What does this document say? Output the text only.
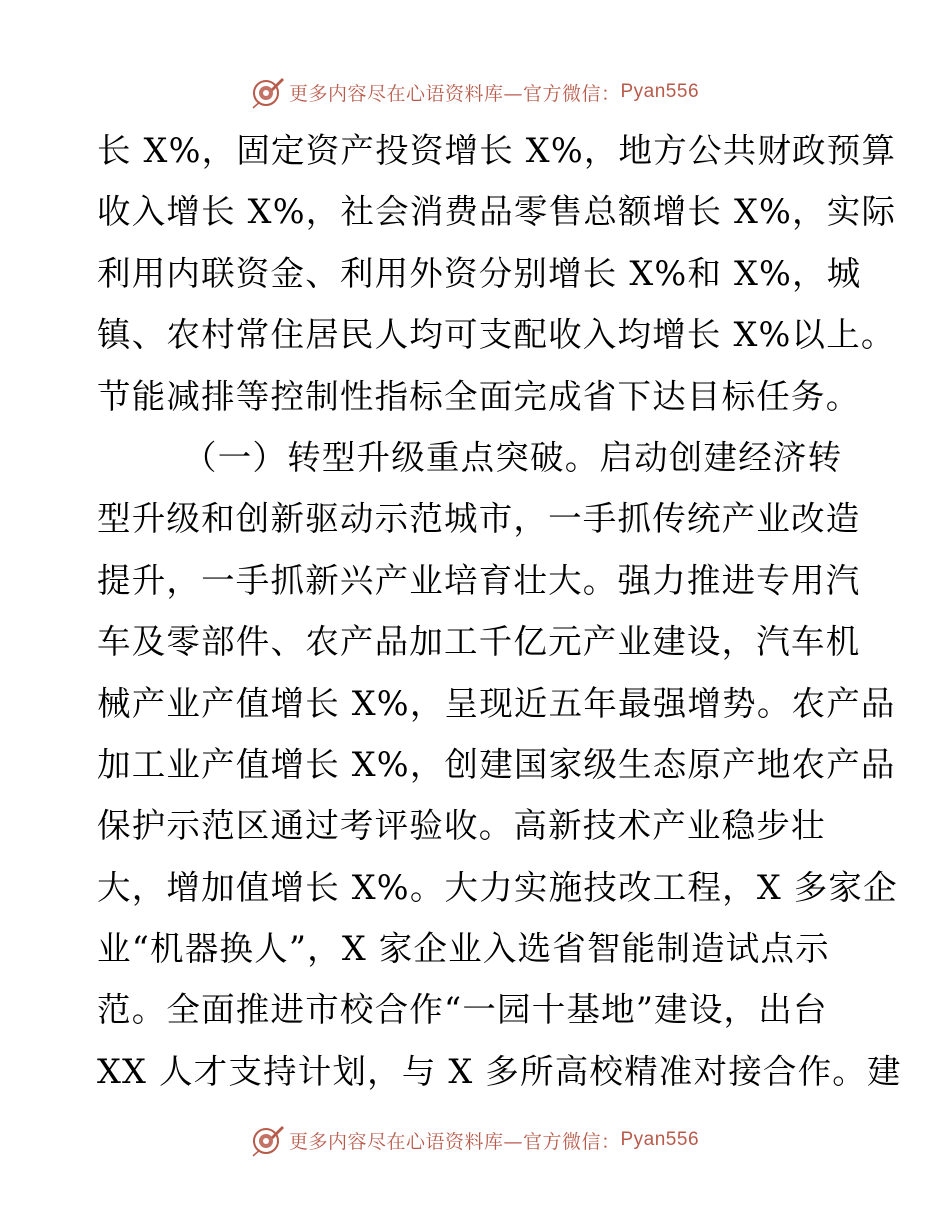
更多内容尽在心语资料库—官方微信： Pyan556
长 X%，固定资产投资增长 X%，地方公共财政预算
收入增长 X%，社会消费品零售总额增长 X%，实际
利用内联资金、利用外资分别增长 X%和 X%，城
镇、农村常住居民人均可支配收入均增长 X%以上。
节能减排等控制性指标全面完成省下达目标任务。
（一）转型升级重点突破。启动创建经济转
型升级和创新驱动示范城市，一手抓传统产业改造
提升，一手抓新兴产业培育壮大。强力推进专用汽
车及零部件、农产品加工千亿元产业建设，汽车机
械产业产值增长 X%，呈现近五年最强增势。农产品
加工业产值增长 X%，创建国家级生态原产地农产品
保护示范区通过考评验收。高新技术产业稳步壮
大，增加值增长 X%。大力实施技改工程，X 多家企
业“机器换人”，X 家企业入选省智能制造试点示
范。全面推进市校合作“一园十基地”建设，出台
XX 人才支持计划，与 X 多所高校精准对接合作。建
更多内容尽在心语资料库—官方微信： Pyan556
